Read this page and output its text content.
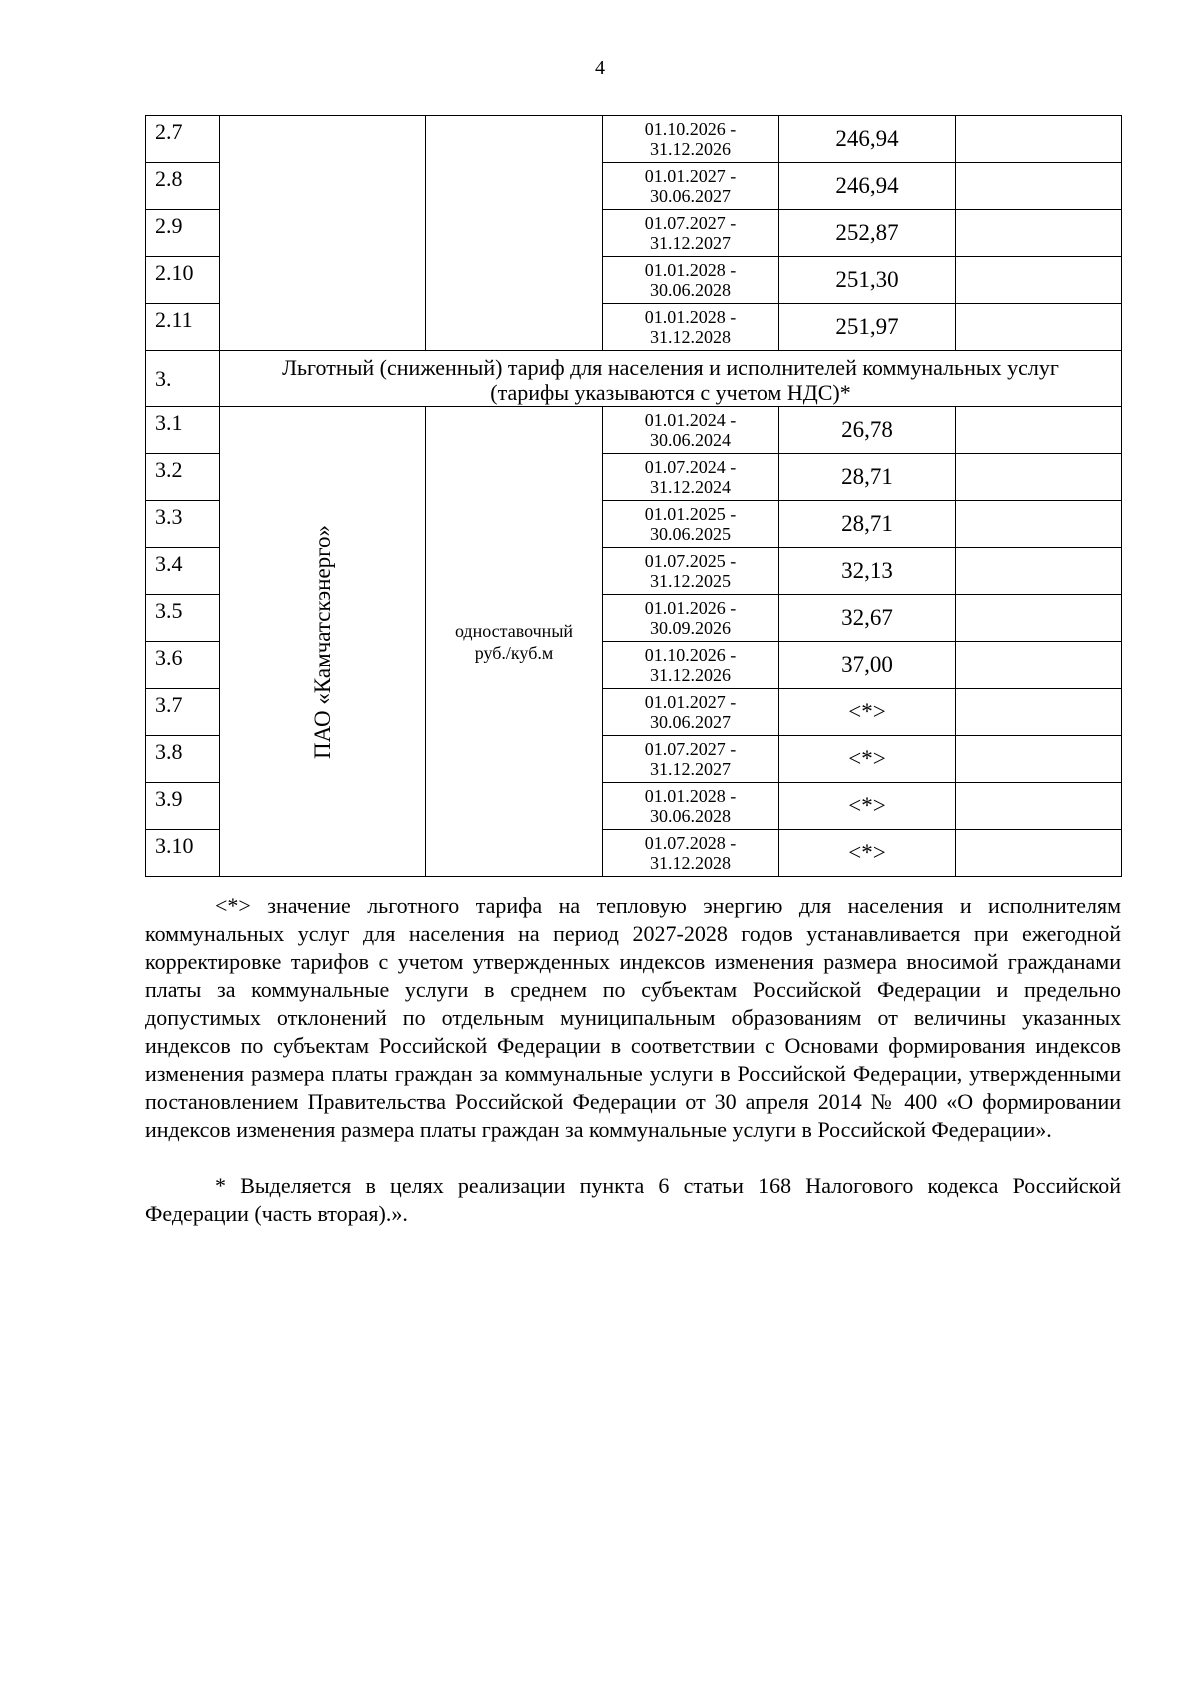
4
2.7			01.10.2026 -
31.12.2026	246,94	
2.8			01.01.2027 -
30.06.2027	246,94	
2.9			01.07.2027 -
31.12.2027	252,87	
2.10			01.01.2028 -
30.06.2028	251,30	
2.11			01.01.2028 -
31.12.2028	251,97	
3.	Льготный (сниженный) тариф для населения и исполнителей коммунальных услуг
(тарифы указываются с учетом НДС)*				

3.1	ПАО «Камчатскэнерго»	одноставочный
руб./куб.м	01.01.2024 -
30.06.2024	26,78	
3.2			01.07.2024 -
31.12.2024	28,71	
3.3			01.01.2025 -
30.06.2025	28,71	
3.4			01.07.2025 -
31.12.2025	32,13	
3.5			01.01.2026 -
30.09.2026	32,67	
3.6			01.10.2026 -
31.12.2026	37,00	
3.7			01.01.2027 -
30.06.2027	<*>	
3.8			01.07.2027 -
31.12.2027	<*>	
3.9			01.01.2028 -
30.06.2028	<*>	
3.10			01.07.2028 -
31.12.2028	<*>	

<*> значение льготного тарифа на тепловую энергию для населения и исполнителям коммунальных услуг для населения на период 2027-2028 годов устанавливается при ежегодной корректировке тарифов с учетом утвержденных индексов изменения размера вносимой гражданами платы за коммунальные услуги в среднем по субъектам Российской Федерации и предельно допустимых отклонений по отдельным муниципальным образованиям от величины указанных индексов по субъектам Российской Федерации в соответствии с Основами формирования индексов изменения размера платы граждан за коммунальные услуги в Российской Федерации, утвержденными постановлением Правительства Российской Федерации от 30 апреля 2014 № 400 «О формировании индексов изменения размера платы граждан за коммунальные услуги в Российской Федерации».

* Выделяется в целях реализации пункта 6 статьи 168 Налогового кодекса Российской Федерации (часть вторая).».
